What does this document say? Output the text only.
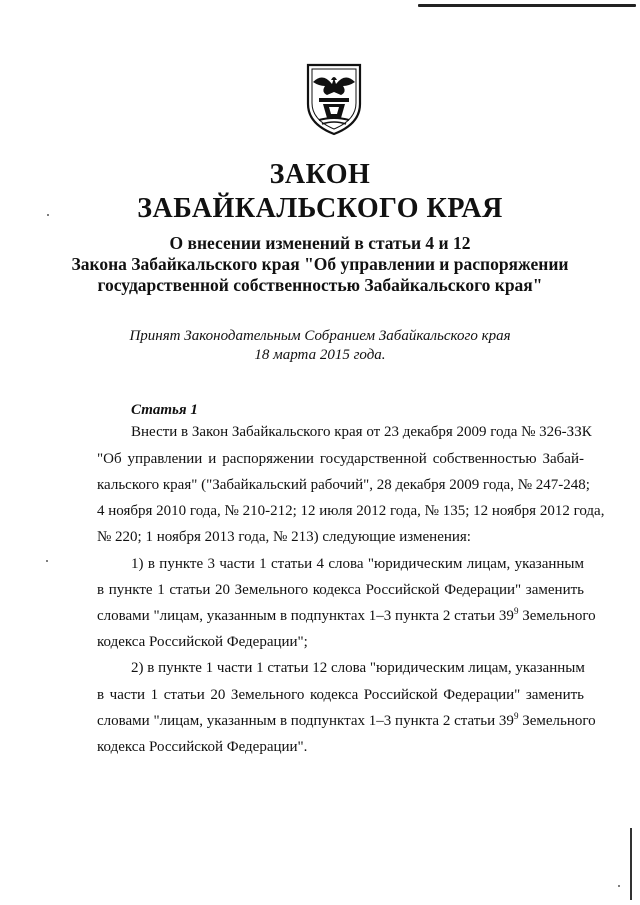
ЗАКОН
ЗАБАЙКАЛЬСКОГО КРАЯ
О внесении изменений в статьи 4 и 12
Закона Забайкальского края "Об управлении и распоряжении
государственной собственностью Забайкальского края"
Принят Законодательным Собранием Забайкальского края
18 марта 2015 года.
Статья 1
Внести в Закон Забайкальского края от 23 декабря 2009 года № 326-ЗЗК
"Об управлении и распоряжении государственной собственностью Забай-
кальского края" ("Забайкальский рабочий", 28 декабря 2009 года, № 247-248;
4 ноября 2010 года, № 210-212; 12 июля 2012 года, № 135; 12 ноября 2012 года,
№ 220; 1 ноября 2013 года, № 213) следующие изменения:
1) в пункте 3 части 1 статьи 4 слова "юридическим лицам, указанным
в пункте 1 статьи 20 Земельного кодекса Российской Федерации" заменить
словами "лицам, указанным в подпунктах 1–3 пункта 2 статьи $39^9$ Земельного
кодекса Российской Федерации";
2) в пункте 1 части 1 статьи 12 слова "юридическим лицам, указанным
в части 1 статьи 20 Земельного кодекса Российской Федерации" заменить
словами "лицам, указанным в подпунктах 1–3 пункта 2 статьи $39^9$ Земельного
кодекса Российской Федерации".
